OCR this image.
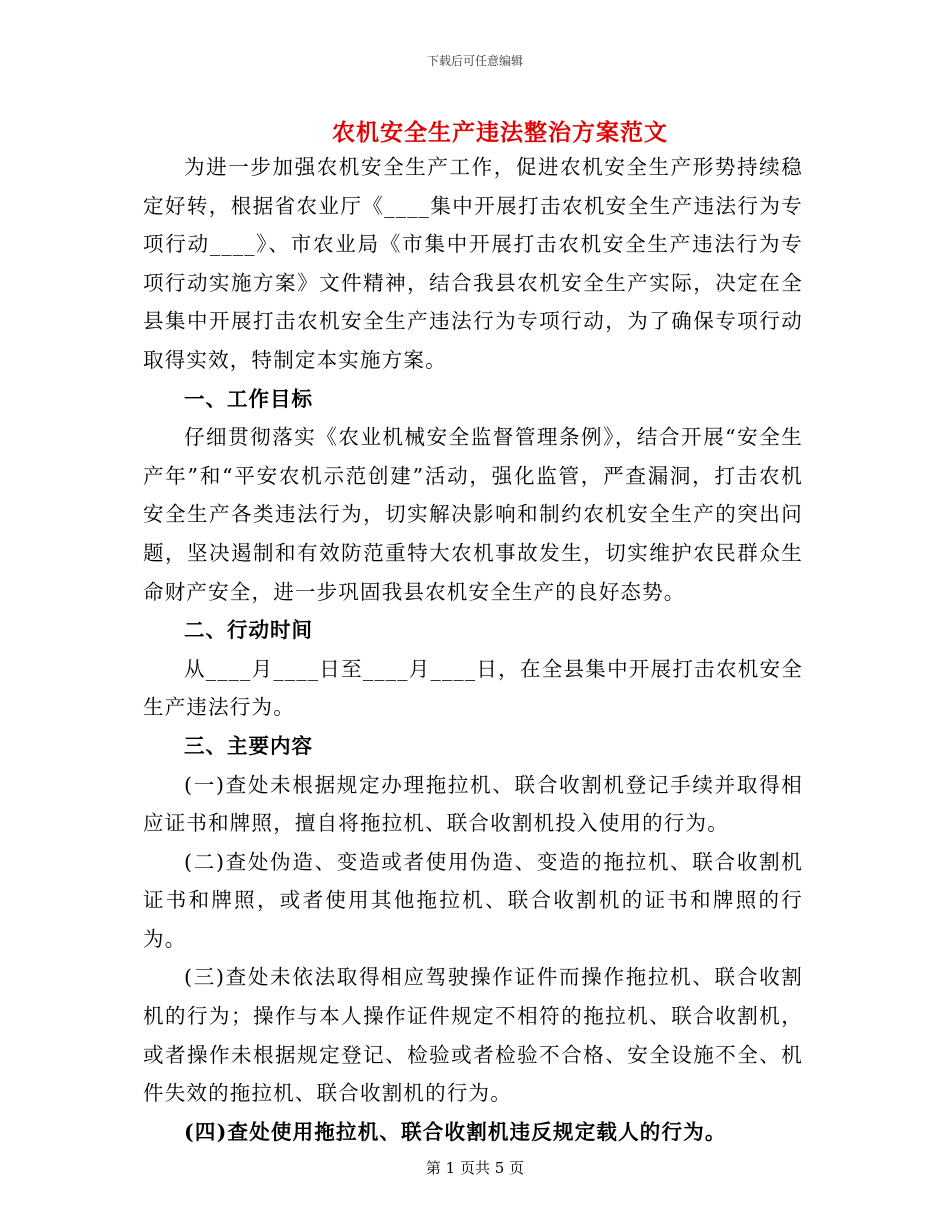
下载后可任意编辑
农机安全生产违法整治方案范文

为进一步加强农机安全生产工作，促进农机安全生产形势持续稳定好转，根据省农业厅《____集中开展打击农机安全生产违法行为专项行动____》、市农业局《市集中开展打击农机安全生产违法行为专项行动实施方案》文件精神，结合我县农机安全生产实际，决定在全县集中开展打击农机安全生产违法行为专项行动，为了确保专项行动取得实效，特制定本实施方案。

一、工作目标

仔细贯彻落实《农业机械安全监督管理条例》，结合开展“安全生产年”和“平安农机示范创建”活动，强化监管，严查漏洞，打击农机安全生产各类违法行为，切实解决影响和制约农机安全生产的突出问题，坚决遏制和有效防范重特大农机事故发生，切实维护农民群众生命财产安全，进一步巩固我县农机安全生产的良好态势。

二、行动时间

从____月____日至____月____日，在全县集中开展打击农机安全生产违法行为。

三、主要内容

(一)查处未根据规定办理拖拉机、联合收割机登记手续并取得相应证书和牌照，擅自将拖拉机、联合收割机投入使用的行为。

(二)查处伪造、变造或者使用伪造、变造的拖拉机、联合收割机证书和牌照，或者使用其他拖拉机、联合收割机的证书和牌照的行为。

(三)查处未依法取得相应驾驶操作证件而操作拖拉机、联合收割机的行为；操作与本人操作证件规定不相符的拖拉机、联合收割机，或者操作未根据规定登记、检验或者检验不合格、安全设施不全、机件失效的拖拉机、联合收割机的行为。

(四)查处使用拖拉机、联合收割机违反规定载人的行为。

第 1 页共 5 页
